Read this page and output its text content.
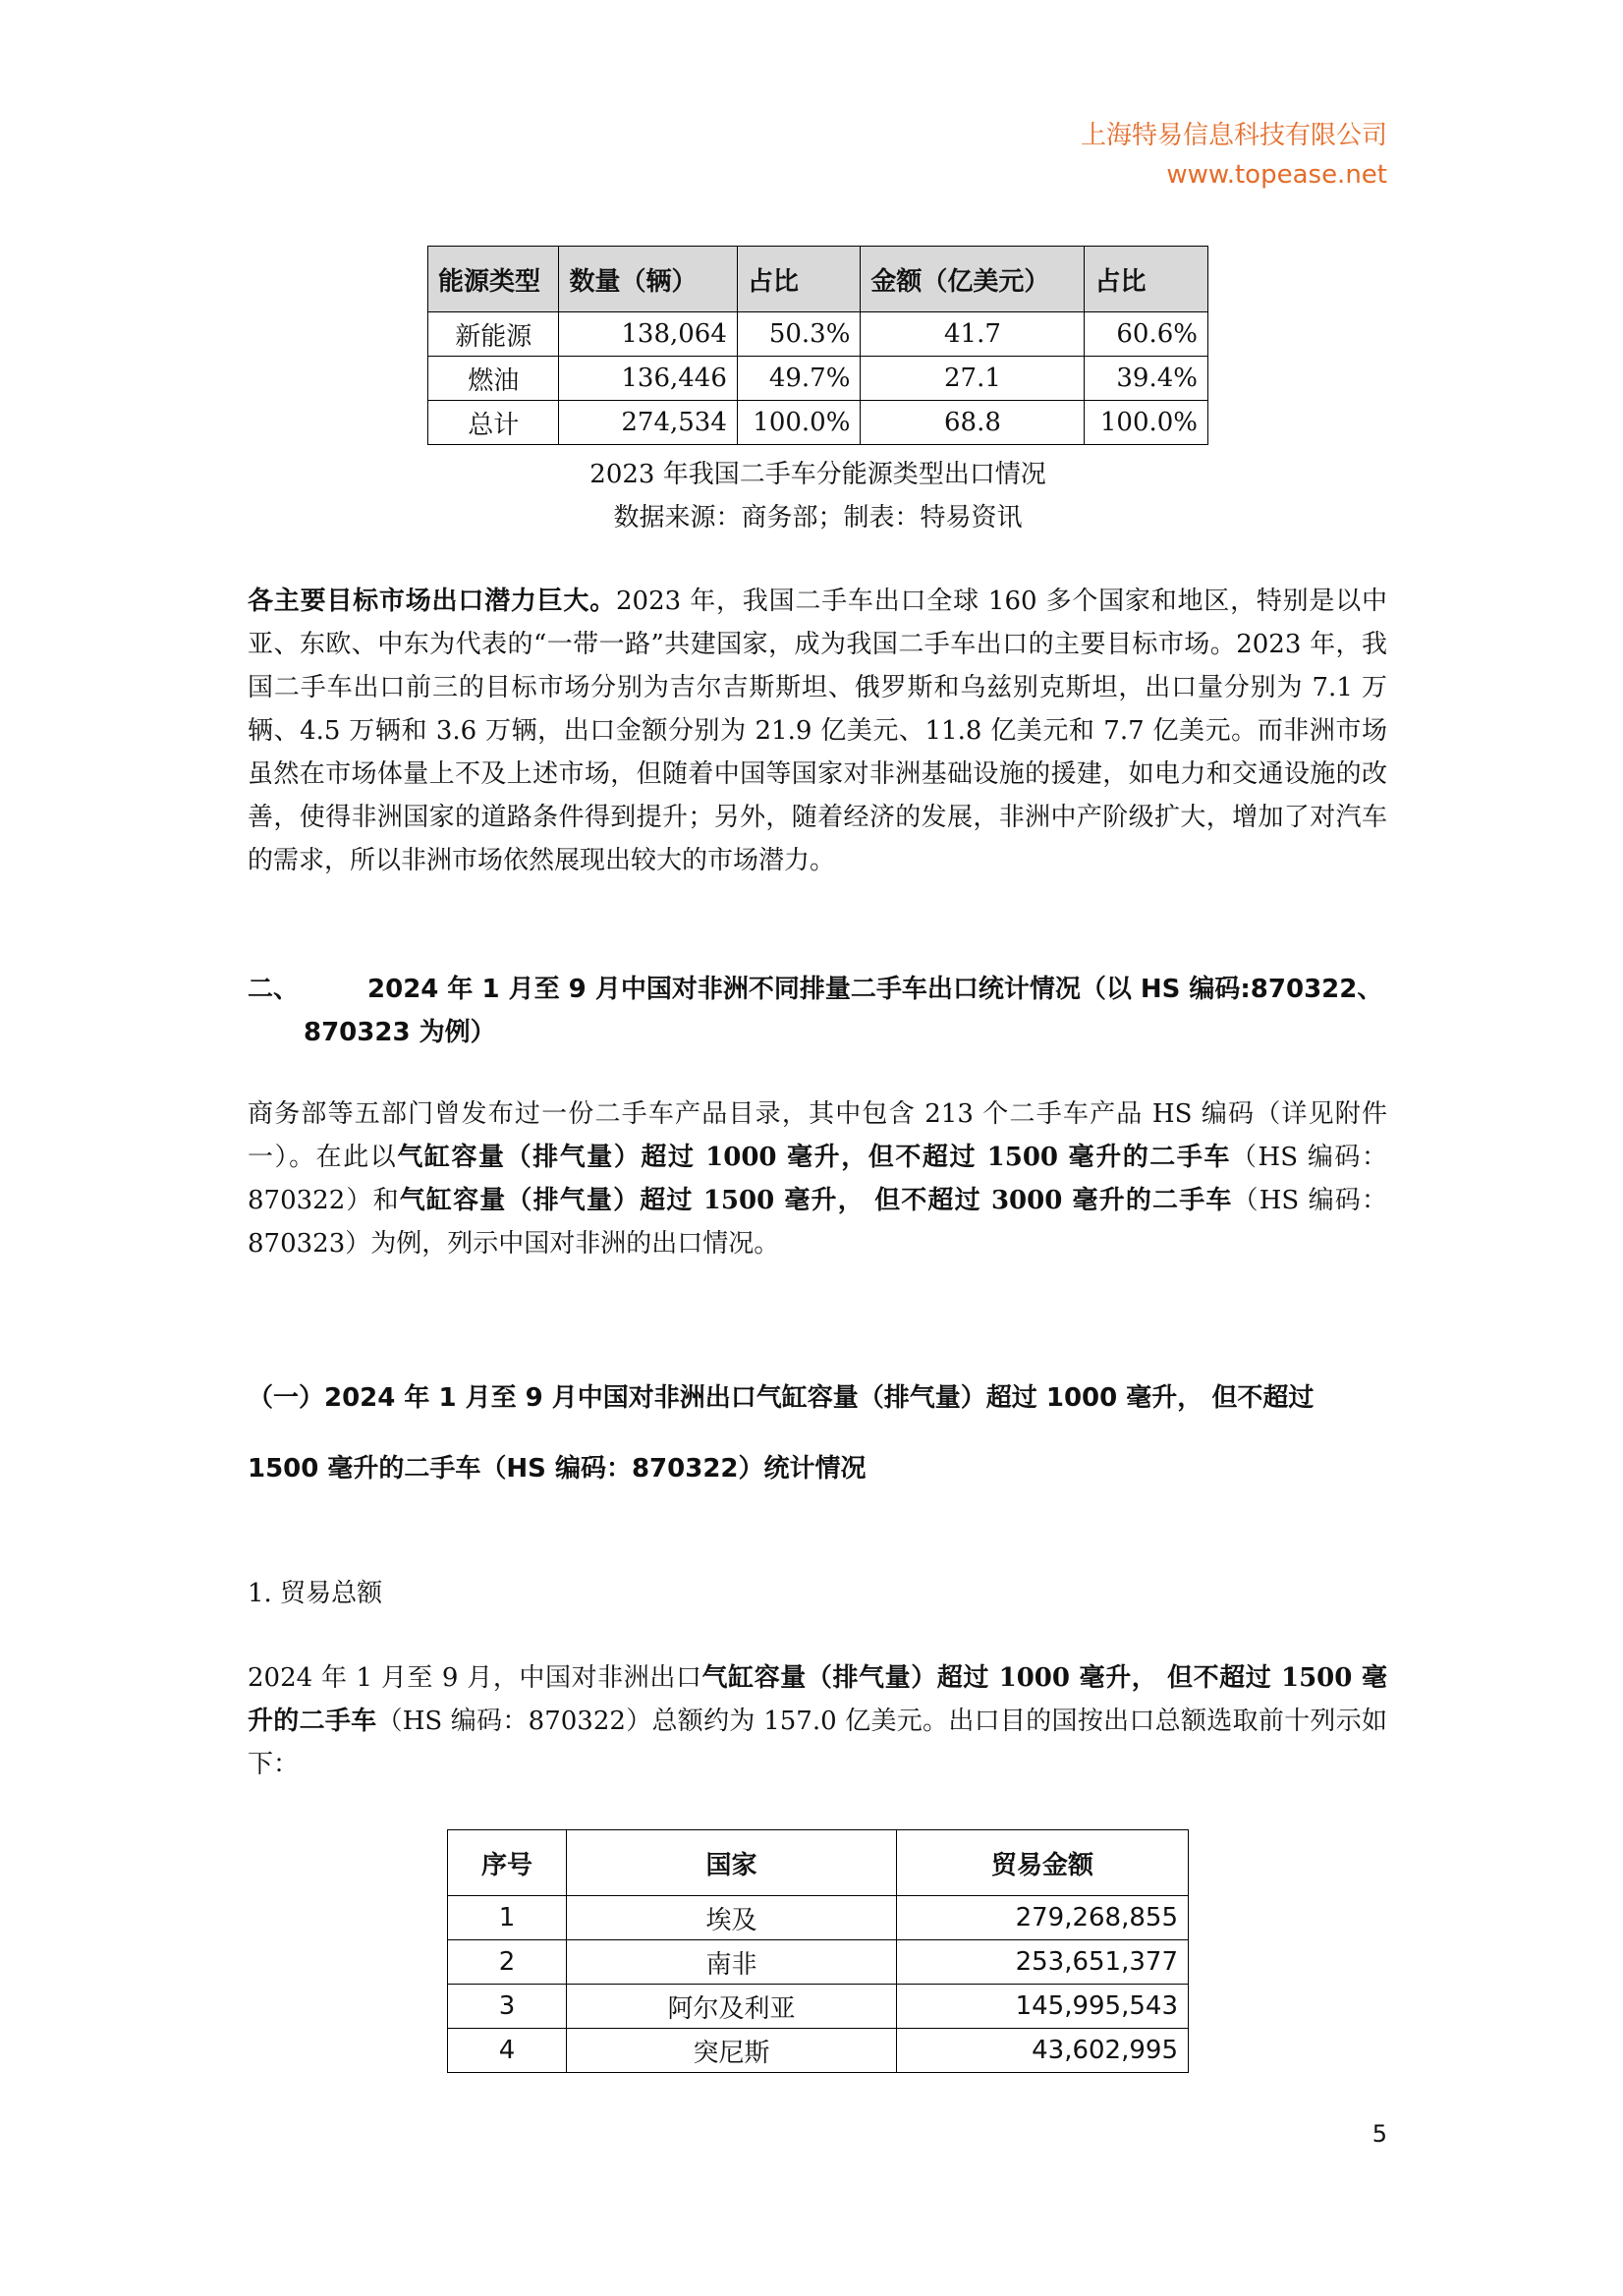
上海特易信息科技有限公司
www.topease.net
能源类型	数量（辆）	占比	金额（亿美元）	占比
新能源	138,064	50.3%	41.7	60.6%
燃油	136,446	49.7%	27.1	39.4%
总计	274,534	100.0%	68.8	100.0%
2023 年我国二手车分能源类型出口情况
数据来源：商务部；制表：特易资讯
各主要目标市场出口潜力巨大。2023 年，我国二手车出口全球 160 多个国家和地区，特别是以中亚、东欧、中东为代表的“一带一路”共建国家，成为我国二手车出口的主要目标市场。2023 年，我国二手车出口前三的目标市场分别为吉尔吉斯斯坦、俄罗斯和乌兹别克斯坦，出口量分别为 7.1 万辆、4.5 万辆和 3.6 万辆，出口金额分别为 21.9 亿美元、11.8 亿美元和 7.7 亿美元。而非洲市场虽然在市场体量上不及上述市场，但随着中国等国家对非洲基础设施的援建，如电力和交通设施的改善，使得非洲国家的道路条件得到提升；另外，随着经济的发展，非洲中产阶级扩大，增加了对汽车的需求，所以非洲市场依然展现出较大的市场潜力。
二、	2024 年 1 月至 9 月中国对非洲不同排量二手车出口统计情况（以 HS 编码:870322、
870323 为例）
商务部等五部门曾发布过一份二手车产品目录，其中包含 213 个二手车产品 HS 编码（详见附件一）。在此以气缸容量（排气量）超过 1000 毫升，但不超过 1500 毫升的二手车（HS 编码：870322）和气缸容量（排气量）超过 1500 毫升， 但不超过 3000 毫升的二手车（HS 编码：870323）为例，列示中国对非洲的出口情况。
（一）2024 年 1 月至 9 月中国对非洲出口气缸容量（排气量）超过 1000 毫升， 但不超过
1500 毫升的二手车（HS 编码：870322）统计情况
1. 贸易总额
2024 年 1 月至 9 月，中国对非洲出口气缸容量（排气量）超过 1000 毫升， 但不超过 1500 毫升的二手车（HS 编码：870322）总额约为 157.0 亿美元。出口目的国按出口总额选取前十列示如下：
序号	国家	贸易金额
1	埃及	279,268,855
2	南非	253,651,377
3	阿尔及利亚	145,995,543
4	突尼斯	43,602,995
5
